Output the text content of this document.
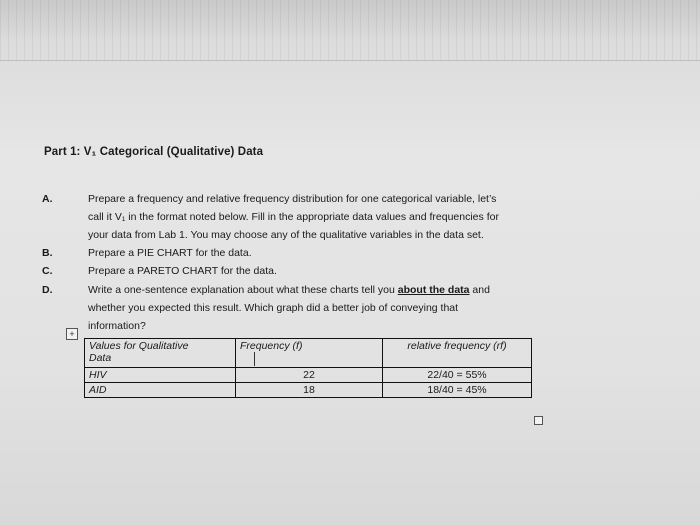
Part 1: V₁ Categorical (Qualitative) Data
A.	Prepare a frequency and relative frequency distribution for one categorical variable, let’s
call it V₁ in the format noted below. Fill in the appropriate data values and frequencies for
your data from Lab 1. You may choose any of the qualitative variables in the data set.
B.	Prepare a PIE CHART for the data.
C.	Prepare a PARETO CHART for the data.
D.	Write a one-sentence explanation about what these charts tell you about the data and
whether you expected this result. Which graph did a better job of conveying that
information?
+
Values for Qualitative
Data	Frequency (f)	relative frequency (rf)
HIV	22	22/40 = 55%
AID	18	18/40 = 45%
